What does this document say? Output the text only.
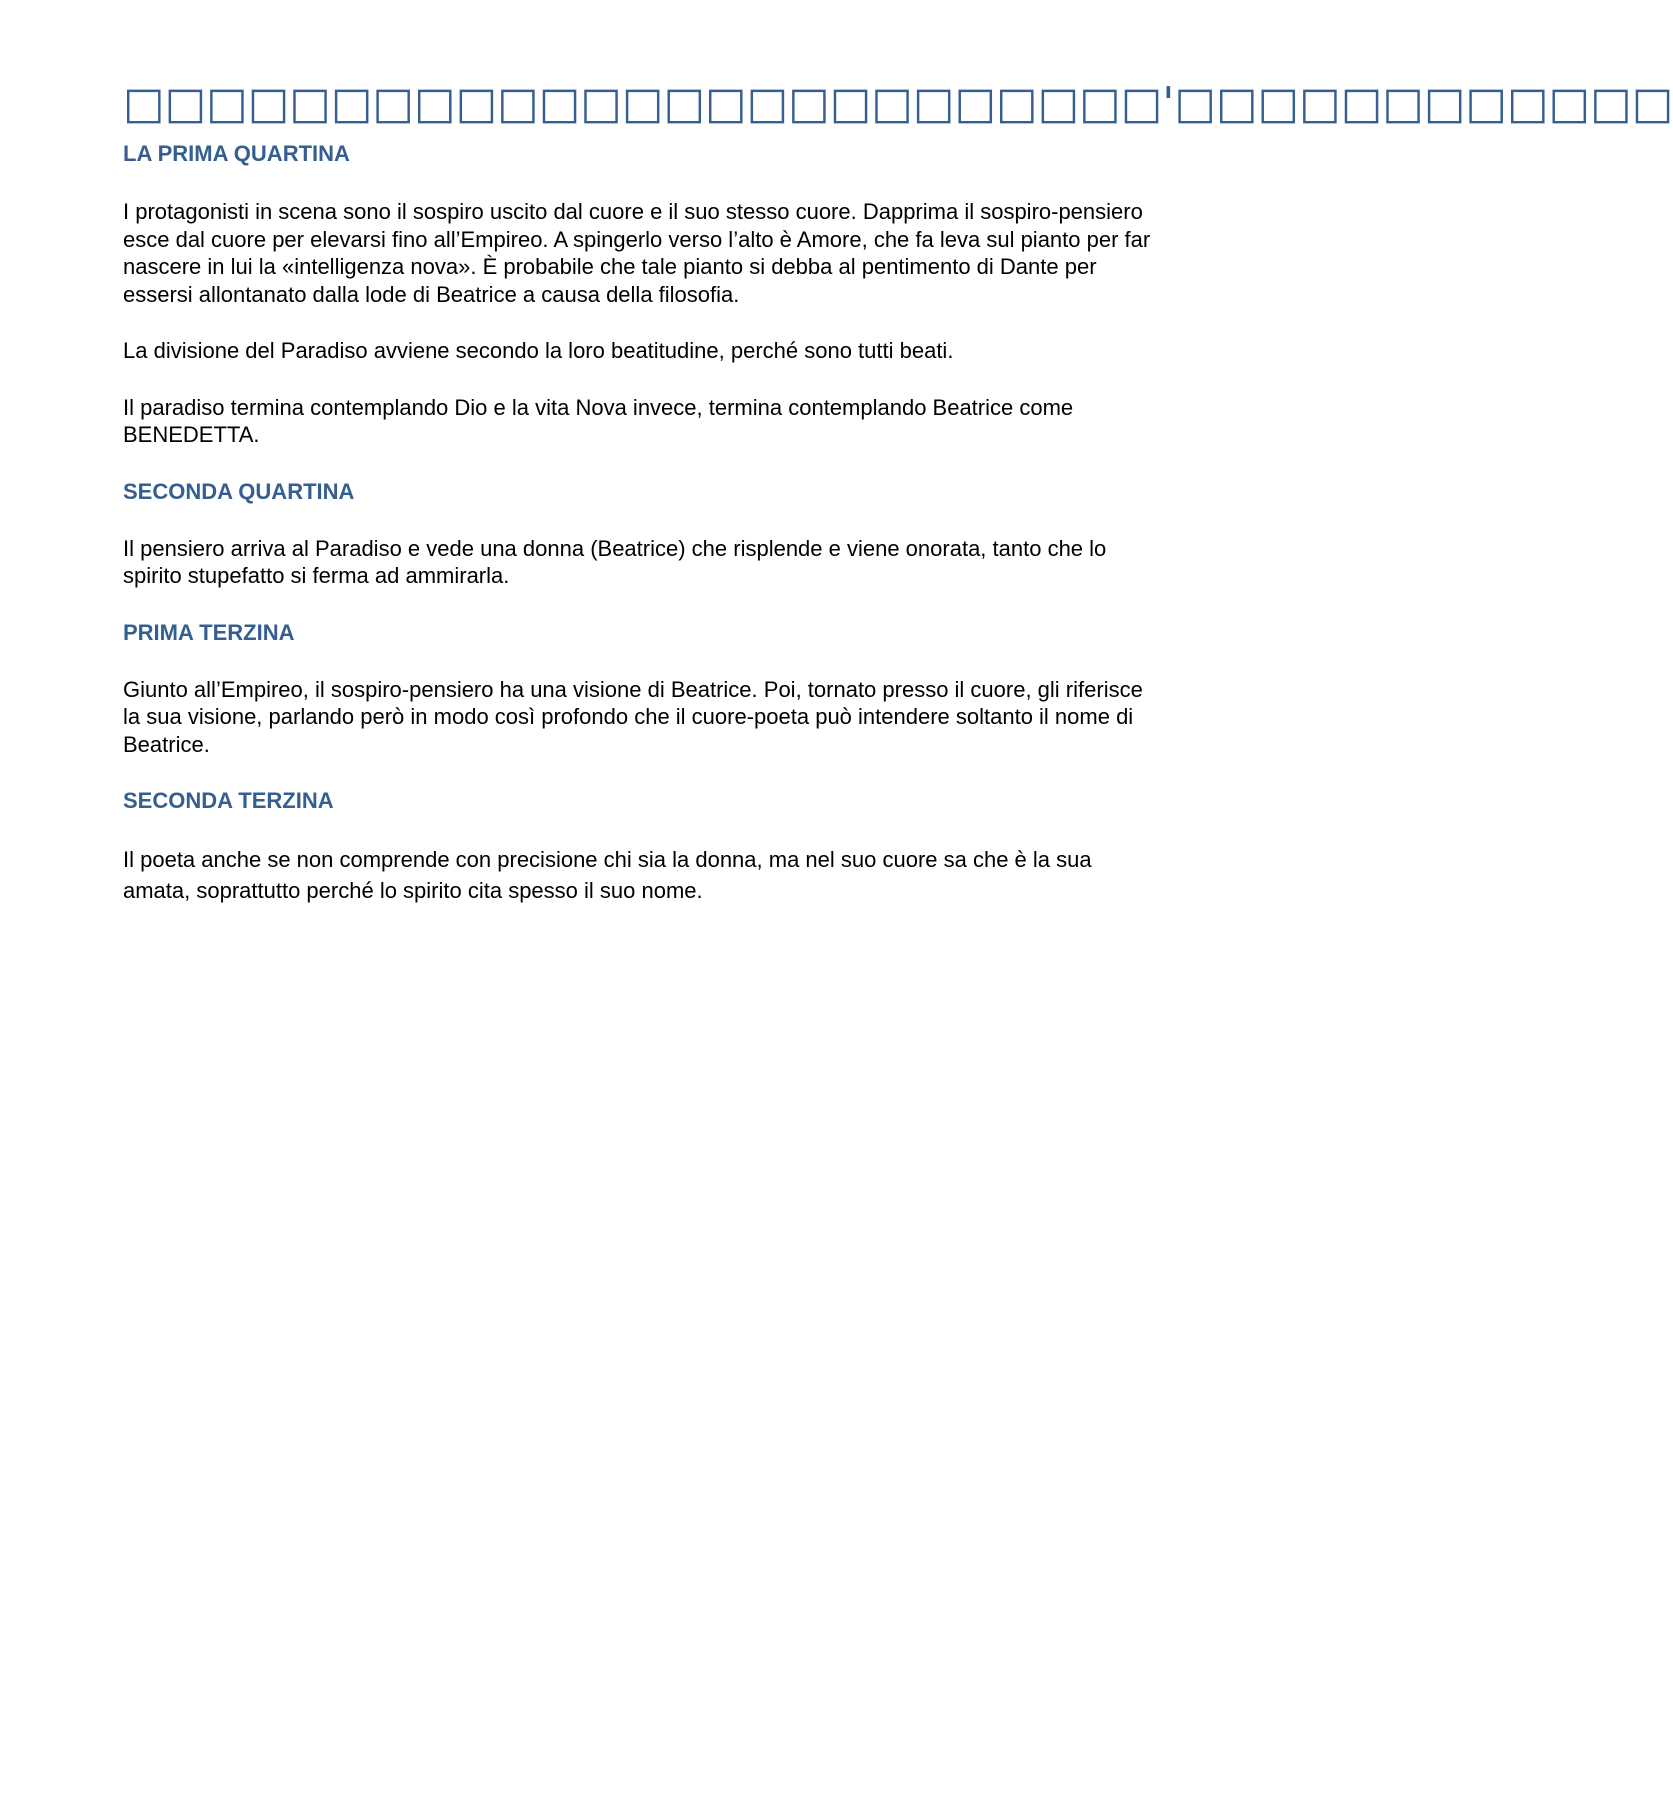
□□□□□□□□□□□□□□□□□□□□□□□□□'□□□□□□□□□□□□
LA PRIMA QUARTINA

I protagonisti in scena sono il sospiro uscito dal cuore e il suo stesso cuore. Dapprima il sospiro-pensiero esce dal cuore per elevarsi fino all’Empireo. A spingerlo verso l’alto è Amore, che fa leva sul pianto per far nascere in lui la «intelligenza nova». È probabile che tale pianto si debba al pentimento di Dante per essersi allontanato dalla lode di Beatrice a causa della filosofia.

La divisione del Paradiso avviene secondo la loro beatitudine, perché sono tutti beati.

Il paradiso termina contemplando Dio e la vita Nova invece, termina contemplando Beatrice come BENEDETTA.

SECONDA QUARTINA

Il pensiero arriva al Paradiso e vede una donna (Beatrice) che risplende e viene onorata, tanto che lo spirito stupefatto si ferma ad ammirarla.

PRIMA TERZINA

Giunto all’Empireo, il sospiro-pensiero ha una visione di Beatrice. Poi, tornato presso il cuore, gli riferisce la sua visione, parlando però in modo così profondo che il cuore-poeta può intendere soltanto il nome di Beatrice.

SECONDA TERZINA

Il poeta anche se non comprende con precisione chi sia la donna, ma nel suo cuore sa che è la sua amata, soprattutto perché lo spirito cita spesso il suo nome.
